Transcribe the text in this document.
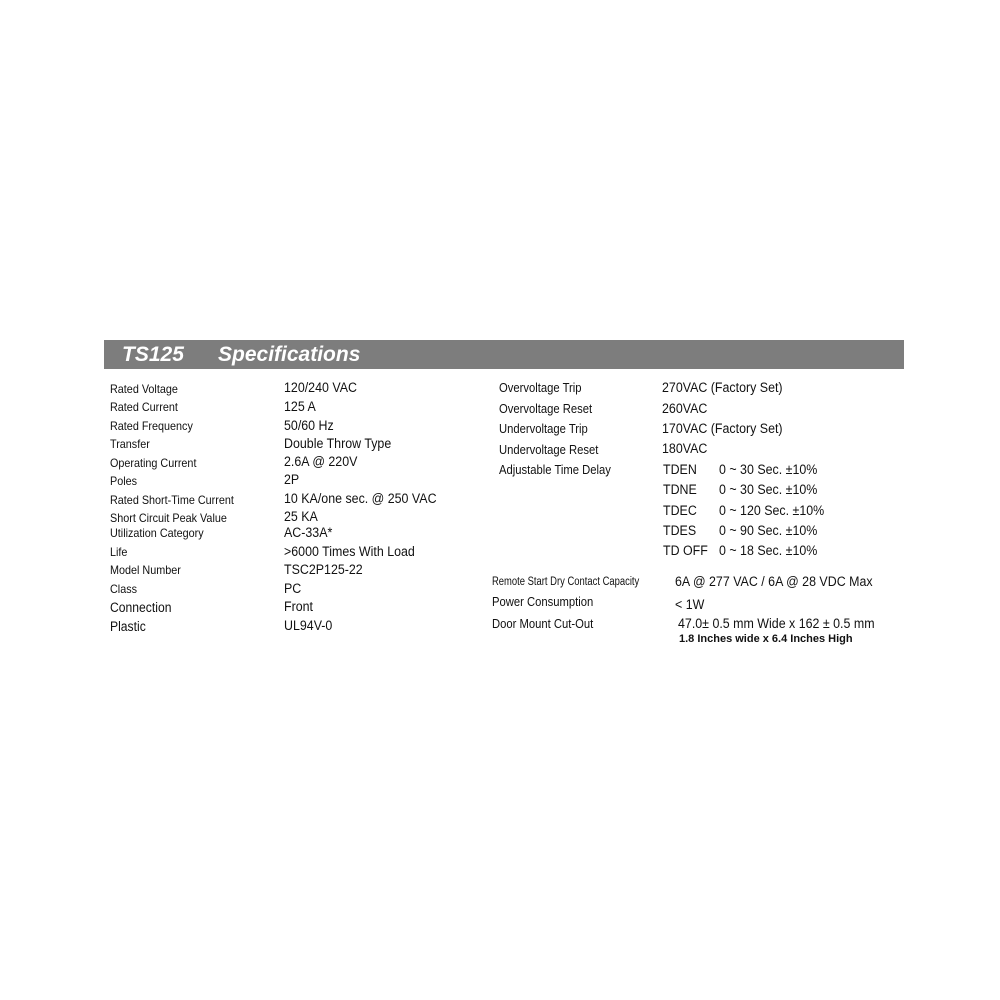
TS125 Specifications
Rated Voltage	120/240 VAC
Rated Current	125 A
Rated Frequency	50/60 Hz
Transfer	Double Throw Type
Operating Current	2.6A @ 220V
Poles	2P
Rated Short-Time Current	10 KA/one sec. @ 250 VAC
Short Circuit Peak Value	25 KA
Utilization Category	AC-33A*
Life	>6000 Times With Load
Model Number	TSC2P125-22
Class	PC
Connection	Front
Plastic	UL94V-0
Overvoltage Trip	270VAC (Factory Set)
Overvoltage Reset	260VAC
Undervoltage Trip	170VAC (Factory Set)
Undervoltage Reset	180VAC
Adjustable Time Delay	TDEN 0 ~ 30 Sec. ±10%
TDNE 0 ~ 30 Sec. ±10%
TDEC 0 ~ 120 Sec. ±10%
TDES 0 ~ 90 Sec. ±10%
TD OFF 0 ~ 18 Sec. ±10%
Remote Start Dry Contact Capacity	6A @ 277 VAC / 6A @ 28 VDC Max
Power Consumption	< 1W
Door Mount Cut-Out	47.0± 0.5 mm Wide x 162 ± 0.5 mm
1.8 Inches wide x 6.4 Inches High
